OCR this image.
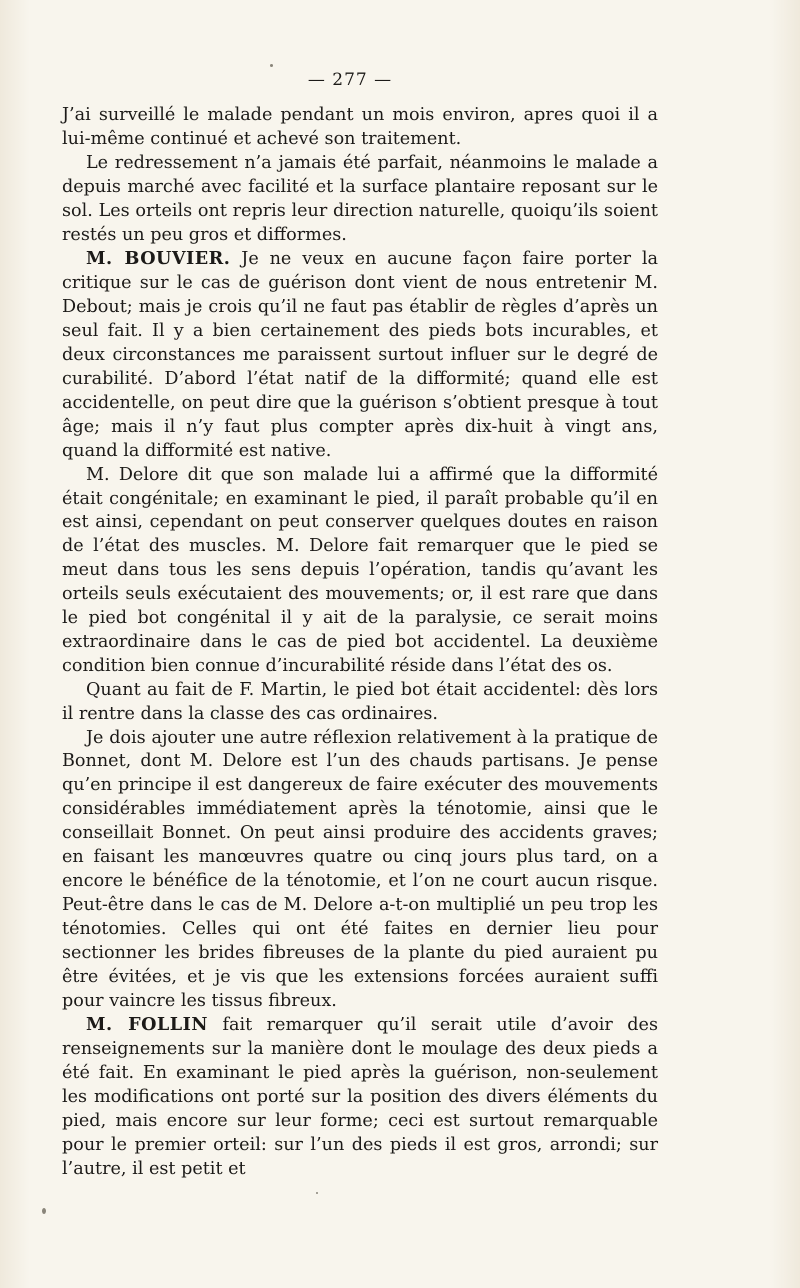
— 277 —

J’ai surveillé le malade pendant un mois environ, apres quoi il a lui-même continué et achevé son traitement.

Le redressement n’a jamais été parfait, néanmoins le malade a depuis marché avec facilité et la surface plantaire reposant sur le sol. Les orteils ont repris leur direction naturelle, quoiqu’ils soient restés un peu gros et difformes.

M. BOUVIER. Je ne veux en aucune façon faire porter la critique sur le cas de guérison dont vient de nous entretenir M. Debout; mais je crois qu’il ne faut pas établir de règles d’après un seul fait. Il y a bien certainement des pieds bots incurables, et deux circonstances me paraissent surtout influer sur le degré de curabilité. D’abord l’état natif de la difformité; quand elle est accidentelle, on peut dire que la guérison s’obtient presque à tout âge; mais il n’y faut plus compter après dix-huit à vingt ans, quand la difformité est native.

M. Delore dit que son malade lui a affirmé que la difformité était congénitale; en examinant le pied, il paraît probable qu’il en est ainsi, cependant on peut conserver quelques doutes en raison de l’état des muscles. M. Delore fait remarquer que le pied se meut dans tous les sens depuis l’opération, tandis qu’avant les orteils seuls exécutaient des mouvements; or, il est rare que dans le pied bot congénital il y ait de la paralysie, ce serait moins extraordinaire dans le cas de pied bot accidentel. La deuxième condition bien connue d’incurabilité réside dans l’état des os.

Quant au fait de F. Martin, le pied bot était accidentel: dès lors il rentre dans la classe des cas ordinaires.

Je dois ajouter une autre réflexion relativement à la pratique de Bonnet, dont M. Delore est l’un des chauds partisans. Je pense qu’en principe il est dangereux de faire exécuter des mouvements considérables immédiatement après la ténotomie, ainsi que le conseillait Bonnet. On peut ainsi produire des accidents graves; en faisant les manœuvres quatre ou cinq jours plus tard, on a encore le bénéfice de la ténotomie, et l’on ne court aucun risque. Peut-être dans le cas de M. Delore a-t-on multiplié un peu trop les ténotomies. Celles qui ont été faites en dernier lieu pour sectionner les brides fibreuses de la plante du pied auraient pu être évitées, et je vis que les extensions forcées auraient suffi pour vaincre les tissus fibreux.

M. FOLLIN fait remarquer qu’il serait utile d’avoir des renseignements sur la manière dont le moulage des deux pieds a été fait. En examinant le pied après la guérison, non-seulement les modifications ont porté sur la position des divers éléments du pied, mais encore sur leur forme; ceci est surtout remarquable pour le premier orteil: sur l’un des pieds il est gros, arrondi; sur l’autre, il est petit et
